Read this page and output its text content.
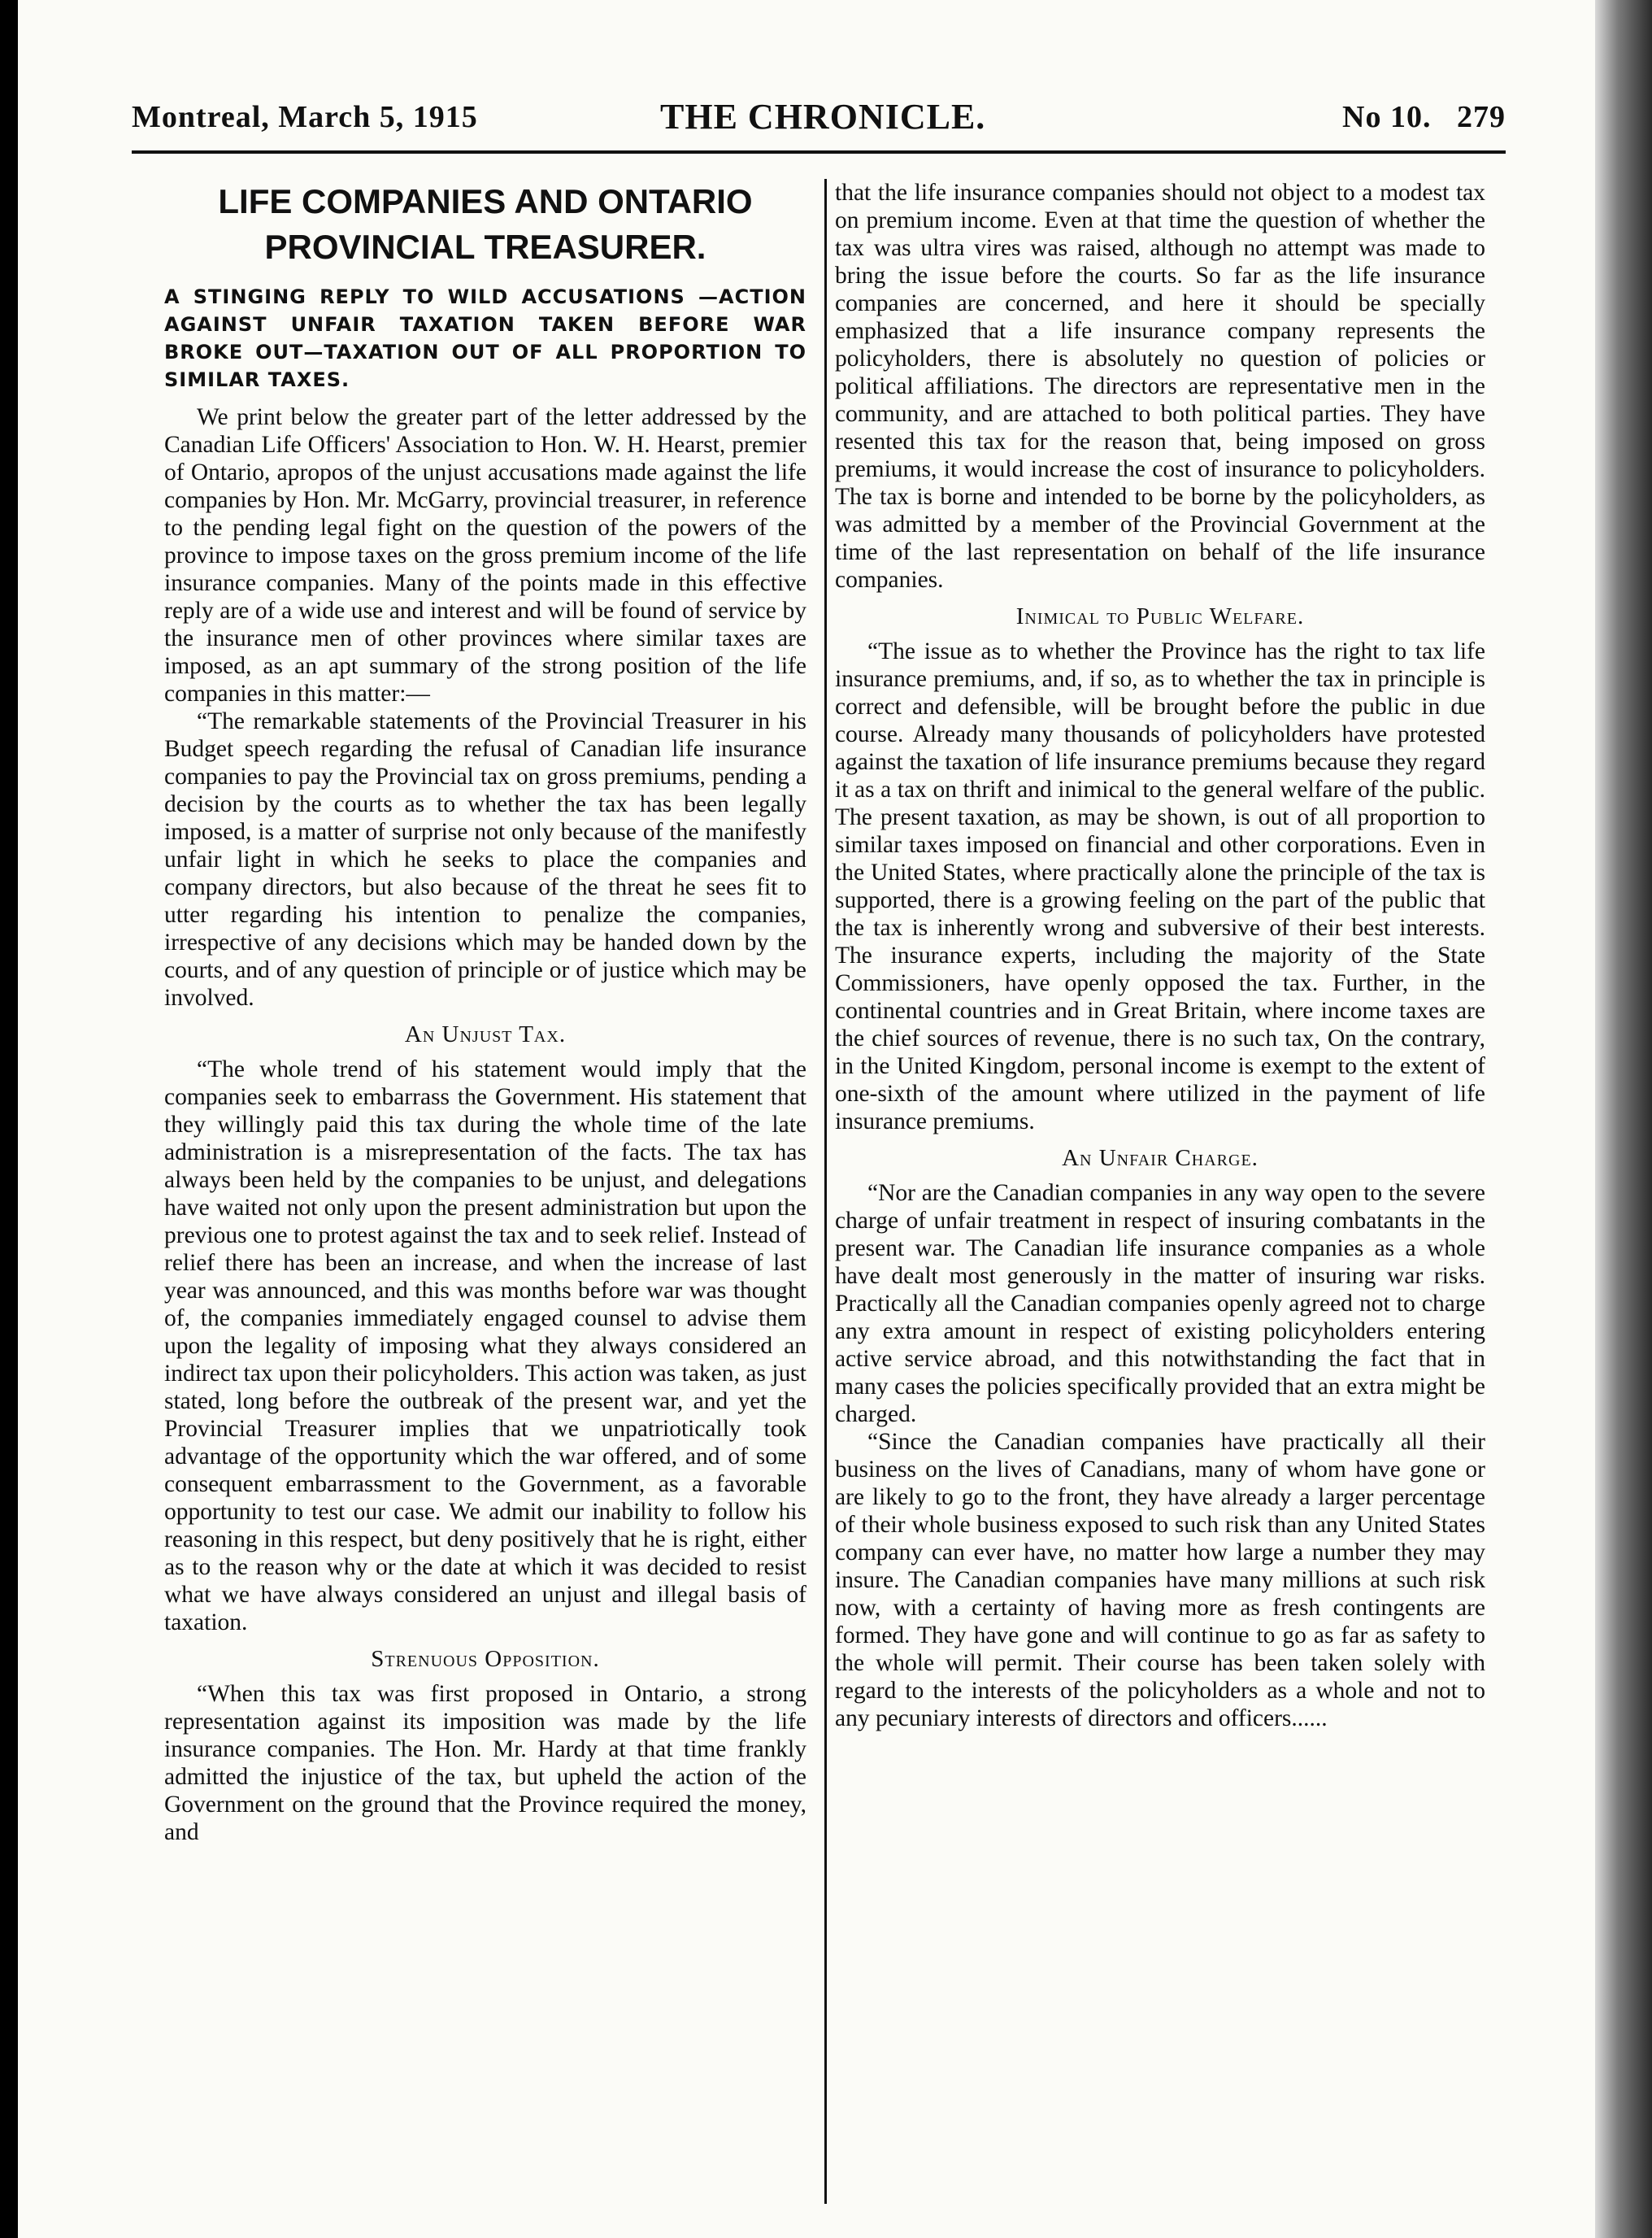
Montreal, March 5, 1915	THE CHRONICLE.	No 10.   279
LIFE COMPANIES AND ONTARIO PROVINCIAL TREASURER.
A STINGING REPLY TO WILD ACCUSATIONS —ACTION AGAINST UNFAIR TAXATION TAKEN BEFORE WAR BROKE OUT—TAXATION OUT OF ALL PROPORTION TO SIMILAR TAXES.

We print below the greater part of the letter addressed by the Canadian Life Officers' Association to Hon. W. H. Hearst, premier of Ontario, apropos of the unjust accusations made against the life companies by Hon. Mr. McGarry, provincial treasurer, in reference to the pending legal fight on the question of the powers of the province to impose taxes on the gross premium income of the life insurance companies. Many of the points made in this effective reply are of a wide use and interest and will be found of service by the insurance men of other provinces where similar taxes are imposed, as an apt summary of the strong position of the life companies in this matter:—

“The remarkable statements of the Provincial Treasurer in his Budget speech regarding the refusal of Canadian life insurance companies to pay the Provincial tax on gross premiums, pending a decision by the courts as to whether the tax has been legally imposed, is a matter of surprise not only because of the manifestly unfair light in which he seeks to place the companies and company directors, but also because of the threat he sees fit to utter regarding his intention to penalize the companies, irrespective of any decisions which may be handed down by the courts, and of any question of principle or of justice which may be involved.

An Unjust Tax.

“The whole trend of his statement would imply that the companies seek to embarrass the Government. His statement that they willingly paid this tax during the whole time of the late administration is a misrepresentation of the facts. The tax has always been held by the companies to be unjust, and delegations have waited not only upon the present administration but upon the previous one to protest against the tax and to seek relief. Instead of relief there has been an increase, and when the increase of last year was announced, and this was months before war was thought of, the companies immediately engaged counsel to advise them upon the legality of imposing what they always considered an indirect tax upon their policyholders. This action was taken, as just stated, long before the outbreak of the present war, and yet the Provincial Treasurer implies that we unpatriotically took advantage of the opportunity which the war offered, and of some consequent embarrassment to the Government, as a favorable opportunity to test our case. We admit our inability to follow his reasoning in this respect, but deny positively that he is right, either as to the reason why or the date at which it was decided to resist what we have always considered an unjust and illegal basis of taxation.

Strenuous Opposition.

“When this tax was first proposed in Ontario, a strong representation against its imposition was made by the life insurance companies. The Hon. Mr. Hardy at that time frankly admitted the injustice of the tax, but upheld the action of the Government on the ground that the Province required the money, and

that the life insurance companies should not object to a modest tax on premium income. Even at that time the question of whether the tax was ultra vires was raised, although no attempt was made to bring the issue before the courts. So far as the life insurance companies are concerned, and here it should be specially emphasized that a life insurance company represents the policyholders, there is absolutely no question of policies or political affiliations. The directors are representative men in the community, and are attached to both political parties. They have resented this tax for the reason that, being imposed on gross premiums, it would increase the cost of insurance to policyholders. The tax is borne and intended to be borne by the policyholders, as was admitted by a member of the Provincial Government at the time of the last representation on behalf of the life insurance companies.

Inimical to Public Welfare.

“The issue as to whether the Province has the right to tax life insurance premiums, and, if so, as to whether the tax in principle is correct and defensible, will be brought before the public in due course. Already many thousands of policyholders have protested against the taxation of life insurance premiums because they regard it as a tax on thrift and inimical to the general welfare of the public. The present taxation, as may be shown, is out of all proportion to similar taxes imposed on financial and other corporations. Even in the United States, where practically alone the principle of the tax is supported, there is a growing feeling on the part of the public that the tax is inherently wrong and subversive of their best interests. The insurance experts, including the majority of the State Commissioners, have openly opposed the tax. Further, in the continental countries and in Great Britain, where income taxes are the chief sources of revenue, there is no such tax, On the contrary, in the United Kingdom, personal income is exempt to the extent of one-sixth of the amount where utilized in the payment of life insurance premiums.

An Unfair Charge.

“Nor are the Canadian companies in any way open to the severe charge of unfair treatment in respect of insuring combatants in the present war. The Canadian life insurance companies as a whole have dealt most generously in the matter of insuring war risks. Practically all the Canadian companies openly agreed not to charge any extra amount in respect of existing policyholders entering active service abroad, and this notwithstanding the fact that in many cases the policies specifically provided that an extra might be charged.

“Since the Canadian companies have practically all their business on the lives of Canadians, many of whom have gone or are likely to go to the front, they have already a larger percentage of their whole business exposed to such risk than any United States company can ever have, no matter how large a number they may insure. The Canadian companies have many millions at such risk now, with a certainty of having more as fresh contingents are formed. They have gone and will continue to go as far as safety to the whole will permit. Their course has been taken solely with regard to the interests of the policyholders as a whole and not to any pecuniary interests of directors and officers......
